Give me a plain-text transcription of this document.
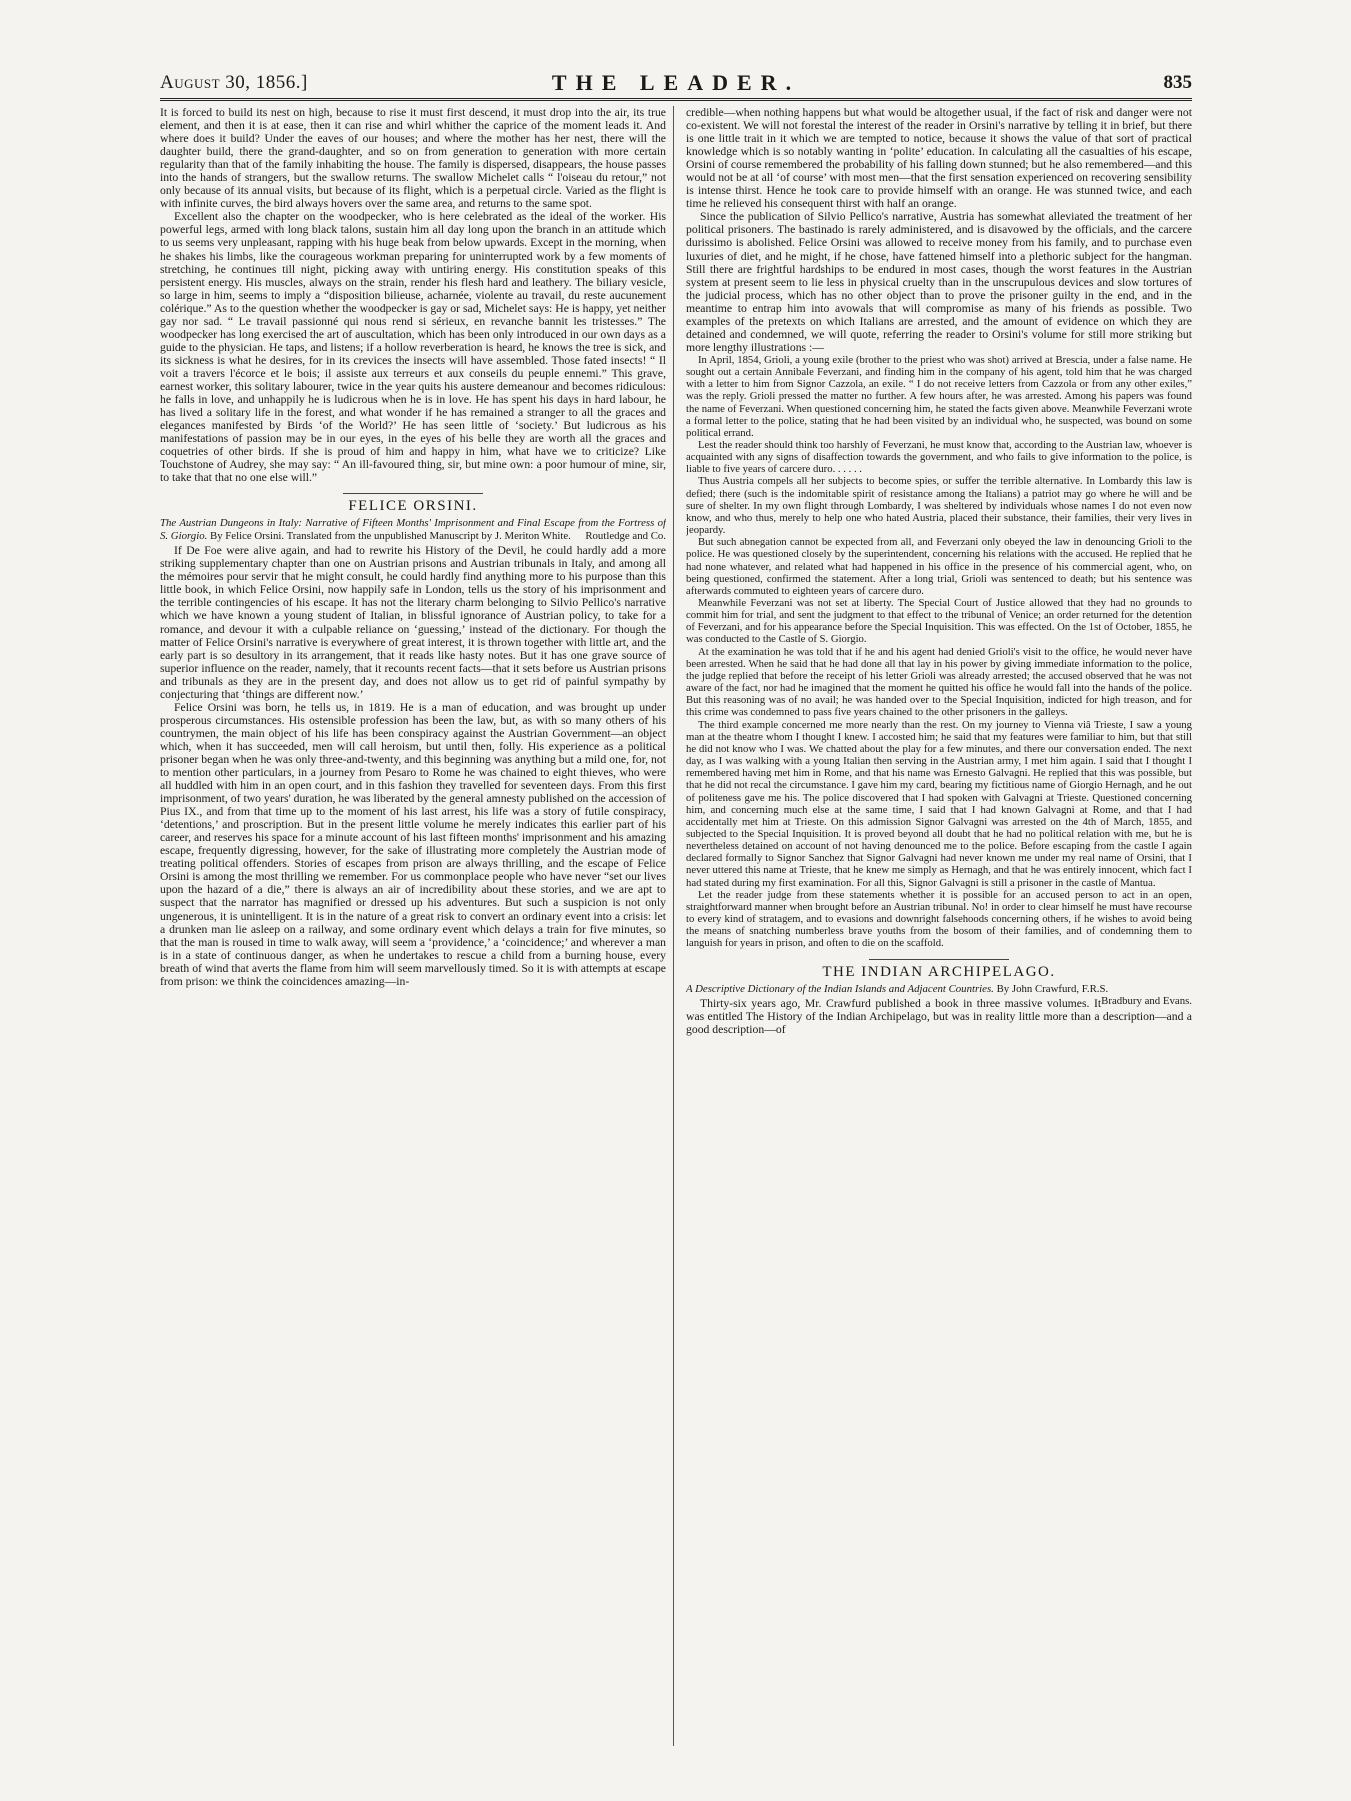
August 30, 1856.]	THE LEADER.	835

It is forced to build its nest on high, because to rise it must first descend, it must drop into the air, its true element, and then it is at ease, then it can rise and whirl whither the caprice of the moment leads it. And where does it build? Under the eaves of our houses; and where the mother has her nest, there will the daughter build, there the grand-daughter, and so on from generation to generation with more certain regularity than that of the family inhabiting the house. The family is dispersed, disappears, the house passes into the hands of strangers, but the swallow returns. The swallow Michelet calls “ l'oiseau du retour,” not only because of its annual visits, but because of its flight, which is a perpetual circle. Varied as the flight is with infinite curves, the bird always hovers over the same area, and returns to the same spot.

Excellent also the chapter on the woodpecker, who is here celebrated as the ideal of the worker. His powerful legs, armed with long black talons, sustain him all day long upon the branch in an attitude which to us seems very unpleasant, rapping with his huge beak from below upwards. Except in the morning, when he shakes his limbs, like the courageous workman preparing for uninterrupted work by a few moments of stretching, he continues till night, picking away with untiring energy. His constitution speaks of this persistent energy. His muscles, always on the strain, render his flesh hard and leathery. The biliary vesicle, so large in him, seems to imply a “disposition bilieuse, acharnée, violente au travail, du reste aucunement colérique.” As to the question whether the woodpecker is gay or sad, Michelet says: He is happy, yet neither gay nor sad. “ Le travail passionné qui nous rend si sérieux, en revanche bannit les tristesses.” The woodpecker has long exercised the art of auscultation, which has been only introduced in our own days as a guide to the physician. He taps, and listens; if a hollow reverberation is heard, he knows the tree is sick, and its sickness is what he desires, for in its crevices the insects will have assembled. Those fated insects! “ Il voit a travers l'écorce et le bois; il assiste aux terreurs et aux conseils du peuple ennemi.” This grave, earnest worker, this solitary labourer, twice in the year quits his austere demeanour and becomes ridiculous: he falls in love, and unhappily he is ludicrous when he is in love. He has spent his days in hard labour, he has lived a solitary life in the forest, and what wonder if he has remained a stranger to all the graces and elegances manifested by Birds ‘of the World?’ He has seen little of ‘society.’ But ludicrous as his manifestations of passion may be in our eyes, in the eyes of his belle they are worth all the graces and coquetries of other birds. If she is proud of him and happy in him, what have we to criticize? Like Touchstone of Audrey, she may say: “ An ill-favoured thing, sir, but mine own: a poor humour of mine, sir, to take that that no one else will.”

FELICE ORSINI.

The Austrian Dungeons in Italy: Narrative of Fifteen Months' Imprisonment and Final Escape from the Fortress of S. Giorgio. By Felice Orsini. Translated from the unpublished Manuscript by J. Meriton White. Routledge and Co.

If De Foe were alive again, and had to rewrite his History of the Devil, he could hardly add a more striking supplementary chapter than one on Austrian prisons and Austrian tribunals in Italy, and among all the mémoires pour servir that he might consult, he could hardly find anything more to his purpose than this little book, in which Felice Orsini, now happily safe in London, tells us the story of his imprisonment and the terrible contingencies of his escape. It has not the literary charm belonging to Silvio Pellico's narrative which we have known a young student of Italian, in blissful ignorance of Austrian policy, to take for a romance, and devour it with a culpable reliance on ‘guessing,’ instead of the dictionary. For though the matter of Felice Orsini's narrative is everywhere of great interest, it is thrown together with little art, and the early part is so desultory in its arrangement, that it reads like hasty notes. But it has one grave source of superior influence on the reader, namely, that it recounts recent facts—that it sets before us Austrian prisons and tribunals as they are in the present day, and does not allow us to get rid of painful sympathy by conjecturing that ‘things are different now.’

Felice Orsini was born, he tells us, in 1819. He is a man of education, and was brought up under prosperous circumstances. His ostensible profession has been the law, but, as with so many others of his countrymen, the main object of his life has been conspiracy against the Austrian Government—an object which, when it has succeeded, men will call heroism, but until then, folly. His experience as a political prisoner began when he was only three-and-twenty, and this beginning was anything but a mild one, for, not to mention other particulars, in a journey from Pesaro to Rome he was chained to eight thieves, who were all huddled with him in an open court, and in this fashion they travelled for seventeen days. From this first imprisonment, of two years' duration, he was liberated by the general amnesty published on the accession of Pius IX., and from that time up to the moment of his last arrest, his life was a story of futile conspiracy, ‘detentions,’ and proscription. But in the present little volume he merely indicates this earlier part of his career, and reserves his space for a minute account of his last fifteen months' imprisonment and his amazing escape, frequently digressing, however, for the sake of illustrating more completely the Austrian mode of treating political offenders. Stories of escapes from prison are always thrilling, and the escape of Felice Orsini is among the most thrilling we remember. For us commonplace people who have never “set our lives upon the hazard of a die,” there is always an air of incredibility about these stories, and we are apt to suspect that the narrator has magnified or dressed up his adventures. But such a suspicion is not only ungenerous, it is unintelligent. It is in the nature of a great risk to convert an ordinary event into a crisis: let a drunken man lie asleep on a railway, and some ordinary event which delays a train for five minutes, so that the man is roused in time to walk away, will seem a ‘providence,’ a ‘coincidence;’ and wherever a man is in a state of continuous danger, as when he undertakes to rescue a child from a burning house, every breath of wind that averts the flame from him will seem marvellously timed. So it is with attempts at escape from prison: we think the coincidences amazing—in-

credible—when nothing happens but what would be altogether usual, if the fact of risk and danger were not co-existent. We will not forestal the interest of the reader in Orsini's narrative by telling it in brief, but there is one little trait in it which we are tempted to notice, because it shows the value of that sort of practical knowledge which is so notably wanting in ‘polite’ education. In calculating all the casualties of his escape, Orsini of course remembered the probability of his falling down stunned; but he also remembered—and this would not be at all ‘of course’ with most men—that the first sensation experienced on recovering sensibility is intense thirst. Hence he took care to provide himself with an orange. He was stunned twice, and each time he relieved his consequent thirst with half an orange.

Since the publication of Silvio Pellico's narrative, Austria has somewhat alleviated the treatment of her political prisoners. The bastinado is rarely administered, and is disavowed by the officials, and the carcere durissimo is abolished. Felice Orsini was allowed to receive money from his family, and to purchase even luxuries of diet, and he might, if he chose, have fattened himself into a plethoric subject for the hangman. Still there are frightful hardships to be endured in most cases, though the worst features in the Austrian system at present seem to lie less in physical cruelty than in the unscrupulous devices and slow tortures of the judicial process, which has no other object than to prove the prisoner guilty in the end, and in the meantime to entrap him into avowals that will compromise as many of his friends as possible. Two examples of the pretexts on which Italians are arrested, and the amount of evidence on which they are detained and condemned, we will quote, referring the reader to Orsini's volume for still more striking but more lengthy illustrations :—

In April, 1854, Grioli, a young exile (brother to the priest who was shot) arrived at Brescia, under a false name. He sought out a certain Annibale Feverzani, and finding him in the company of his agent, told him that he was charged with a letter to him from Signor Cazzola, an exile. “ I do not receive letters from Cazzola or from any other exiles,” was the reply. Grioli pressed the matter no further. A few hours after, he was arrested. Among his papers was found the name of Feverzani. When questioned concerning him, he stated the facts given above. Meanwhile Feverzani wrote a formal letter to the police, stating that he had been visited by an individual who, he suspected, was bound on some political errand.

Lest the reader should think too harshly of Feverzani, he must know that, according to the Austrian law, whoever is acquainted with any signs of disaffection towards the government, and who fails to give information to the police, is liable to five years of carcere duro. . . . . .

Thus Austria compels all her subjects to become spies, or suffer the terrible alternative. In Lombardy this law is defied; there (such is the indomitable spirit of resistance among the Italians) a patriot may go where he will and be sure of shelter. In my own flight through Lombardy, I was sheltered by individuals whose names I do not even now know, and who thus, merely to help one who hated Austria, placed their substance, their families, their very lives in jeopardy.

But such abnegation cannot be expected from all, and Feverzani only obeyed the law in denouncing Grioli to the police. He was questioned closely by the superintendent, concerning his relations with the accused. He replied that he had none whatever, and related what had happened in his office in the presence of his commercial agent, who, on being questioned, confirmed the statement. After a long trial, Grioli was sentenced to death; but his sentence was afterwards commuted to eighteen years of carcere duro.

Meanwhile Feverzani was not set at liberty. The Special Court of Justice allowed that they had no grounds to commit him for trial, and sent the judgment to that effect to the tribunal of Venice; an order returned for the detention of Feverzani, and for his appearance before the Special Inquisition. This was effected. On the 1st of October, 1855, he was conducted to the Castle of S. Giorgio.

At the examination he was told that if he and his agent had denied Grioli's visit to the office, he would never have been arrested. When he said that he had done all that lay in his power by giving immediate information to the police, the judge replied that before the receipt of his letter Grioli was already arrested; the accused observed that he was not aware of the fact, nor had he imagined that the moment he quitted his office he would fall into the hands of the police. But this reasoning was of no avail; he was handed over to the Special Inquisition, indicted for high treason, and for this crime was condemned to pass five years chained to the other prisoners in the galleys.

The third example concerned me more nearly than the rest. On my journey to Vienna viâ Trieste, I saw a young man at the theatre whom I thought I knew. I accosted him; he said that my features were familiar to him, but that still he did not know who I was. We chatted about the play for a few minutes, and there our conversation ended. The next day, as I was walking with a young Italian then serving in the Austrian army, I met him again. I said that I thought I remembered having met him in Rome, and that his name was Ernesto Galvagni. He replied that this was possible, but that he did not recal the circumstance. I gave him my card, bearing my fictitious name of Giorgio Hernagh, and he out of politeness gave me his. The police discovered that I had spoken with Galvagni at Trieste. Questioned concerning him, and concerning much else at the same time, I said that I had known Galvagni at Rome, and that I had accidentally met him at Trieste. On this admission Signor Galvagni was arrested on the 4th of March, 1855, and subjected to the Special Inquisition. It is proved beyond all doubt that he had no political relation with me, but he is nevertheless detained on account of not having denounced me to the police. Before escaping from the castle I again declared formally to Signor Sanchez that Signor Galvagni had never known me under my real name of Orsini, that I never uttered this name at Trieste, that he knew me simply as Hernagh, and that he was entirely innocent, which fact I had stated during my first examination. For all this, Signor Galvagni is still a prisoner in the castle of Mantua.

Let the reader judge from these statements whether it is possible for an accused person to act in an open, straightforward manner when brought before an Austrian tribunal. No! in order to clear himself he must have recourse to every kind of stratagem, and to evasions and downright falsehoods concerning others, if he wishes to avoid being the means of snatching numberless brave youths from the bosom of their families, and of condemning them to languish for years in prison, and often to die on the scaffold.

THE INDIAN ARCHIPELAGO.

A Descriptive Dictionary of the Indian Islands and Adjacent Countries. By John Crawfurd, F.R.S.
Bradbury and Evans.

Thirty-six years ago, Mr. Crawfurd published a book in three massive volumes. It was entitled The History of the Indian Archipelago, but was in reality little more than a description—and a good description—of
